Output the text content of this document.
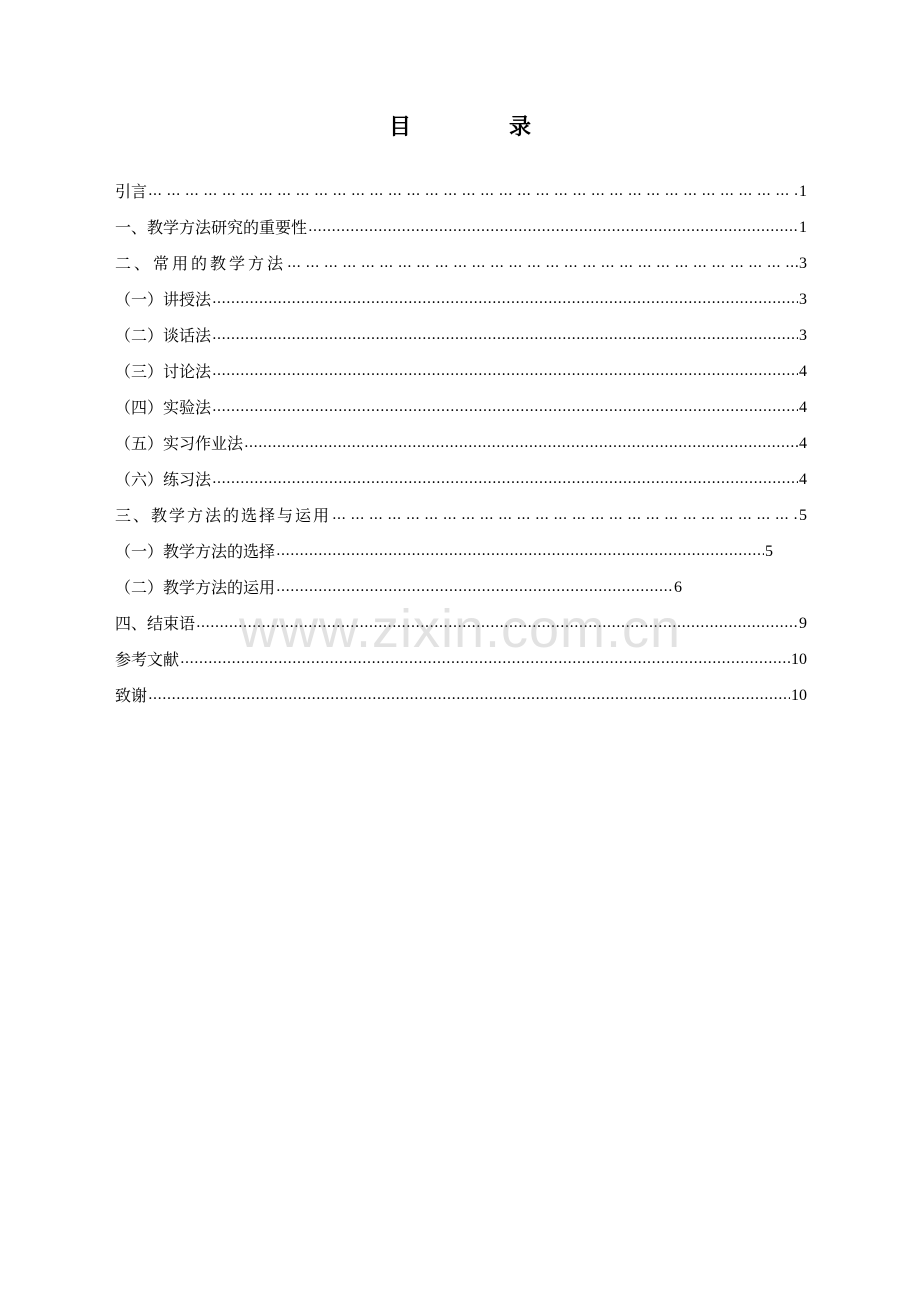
目　录
引言 … … … … … … … … … … … … … … … … … … … … … … … … … … … … … … … … … … … … … … … … … … … … … … … … … … … … … … …	1
一、教学方法研究的重要性 …………………………………………………………………………………………………………………………………………………………………………………………………………………………………………………	1
二、常用的教学方法 … … … … … … … … … … … … … … … … … … … … … … … … … … … … … … … … … … … … … … … … … … … … … … … … … … … … … … …	3
（一）讲授法 …………………………………………………………………………………………………………………………………………………………………………………………………………………………………………………	3
（二）谈话法 …………………………………………………………………………………………………………………………………………………………………………………………………………………………………………………	3
（三）讨论法 …………………………………………………………………………………………………………………………………………………………………………………………………………………………………………………	4
（四）实验法 …………………………………………………………………………………………………………………………………………………………………………………………………………………………………………………	4
（五）实习作业法 …………………………………………………………………………………………………………………………………………………………………………………………………………………………………………………	4
（六）练习法 …………………………………………………………………………………………………………………………………………………………………………………………………………………………………………………	4
三、教学方法的选择与运用 … … … … … … … … … … … … … … … … … … … … … … … … … … … … … … … … … … … … … … … … … … … … … … … … … … … … … … …	5
（一）教学方法的选择 …………………………………………………………………………………………………………………………………………………………………………………………………………………………………………………	5
（二）教学方法的运用 …………………………………………………………………………………………………………………………………………………………………………………………………………………………………………………	6
四、结束语 …………………………………………………………………………………………………………………………………………………………………………………………………………………………………………………	9
参考文献 …………………………………………………………………………………………………………………………………………………………………………………………………………………………………………………	10
致谢 …………………………………………………………………………………………………………………………………………………………………………………………………………………………………………………	10
www.zixin.com.cn
